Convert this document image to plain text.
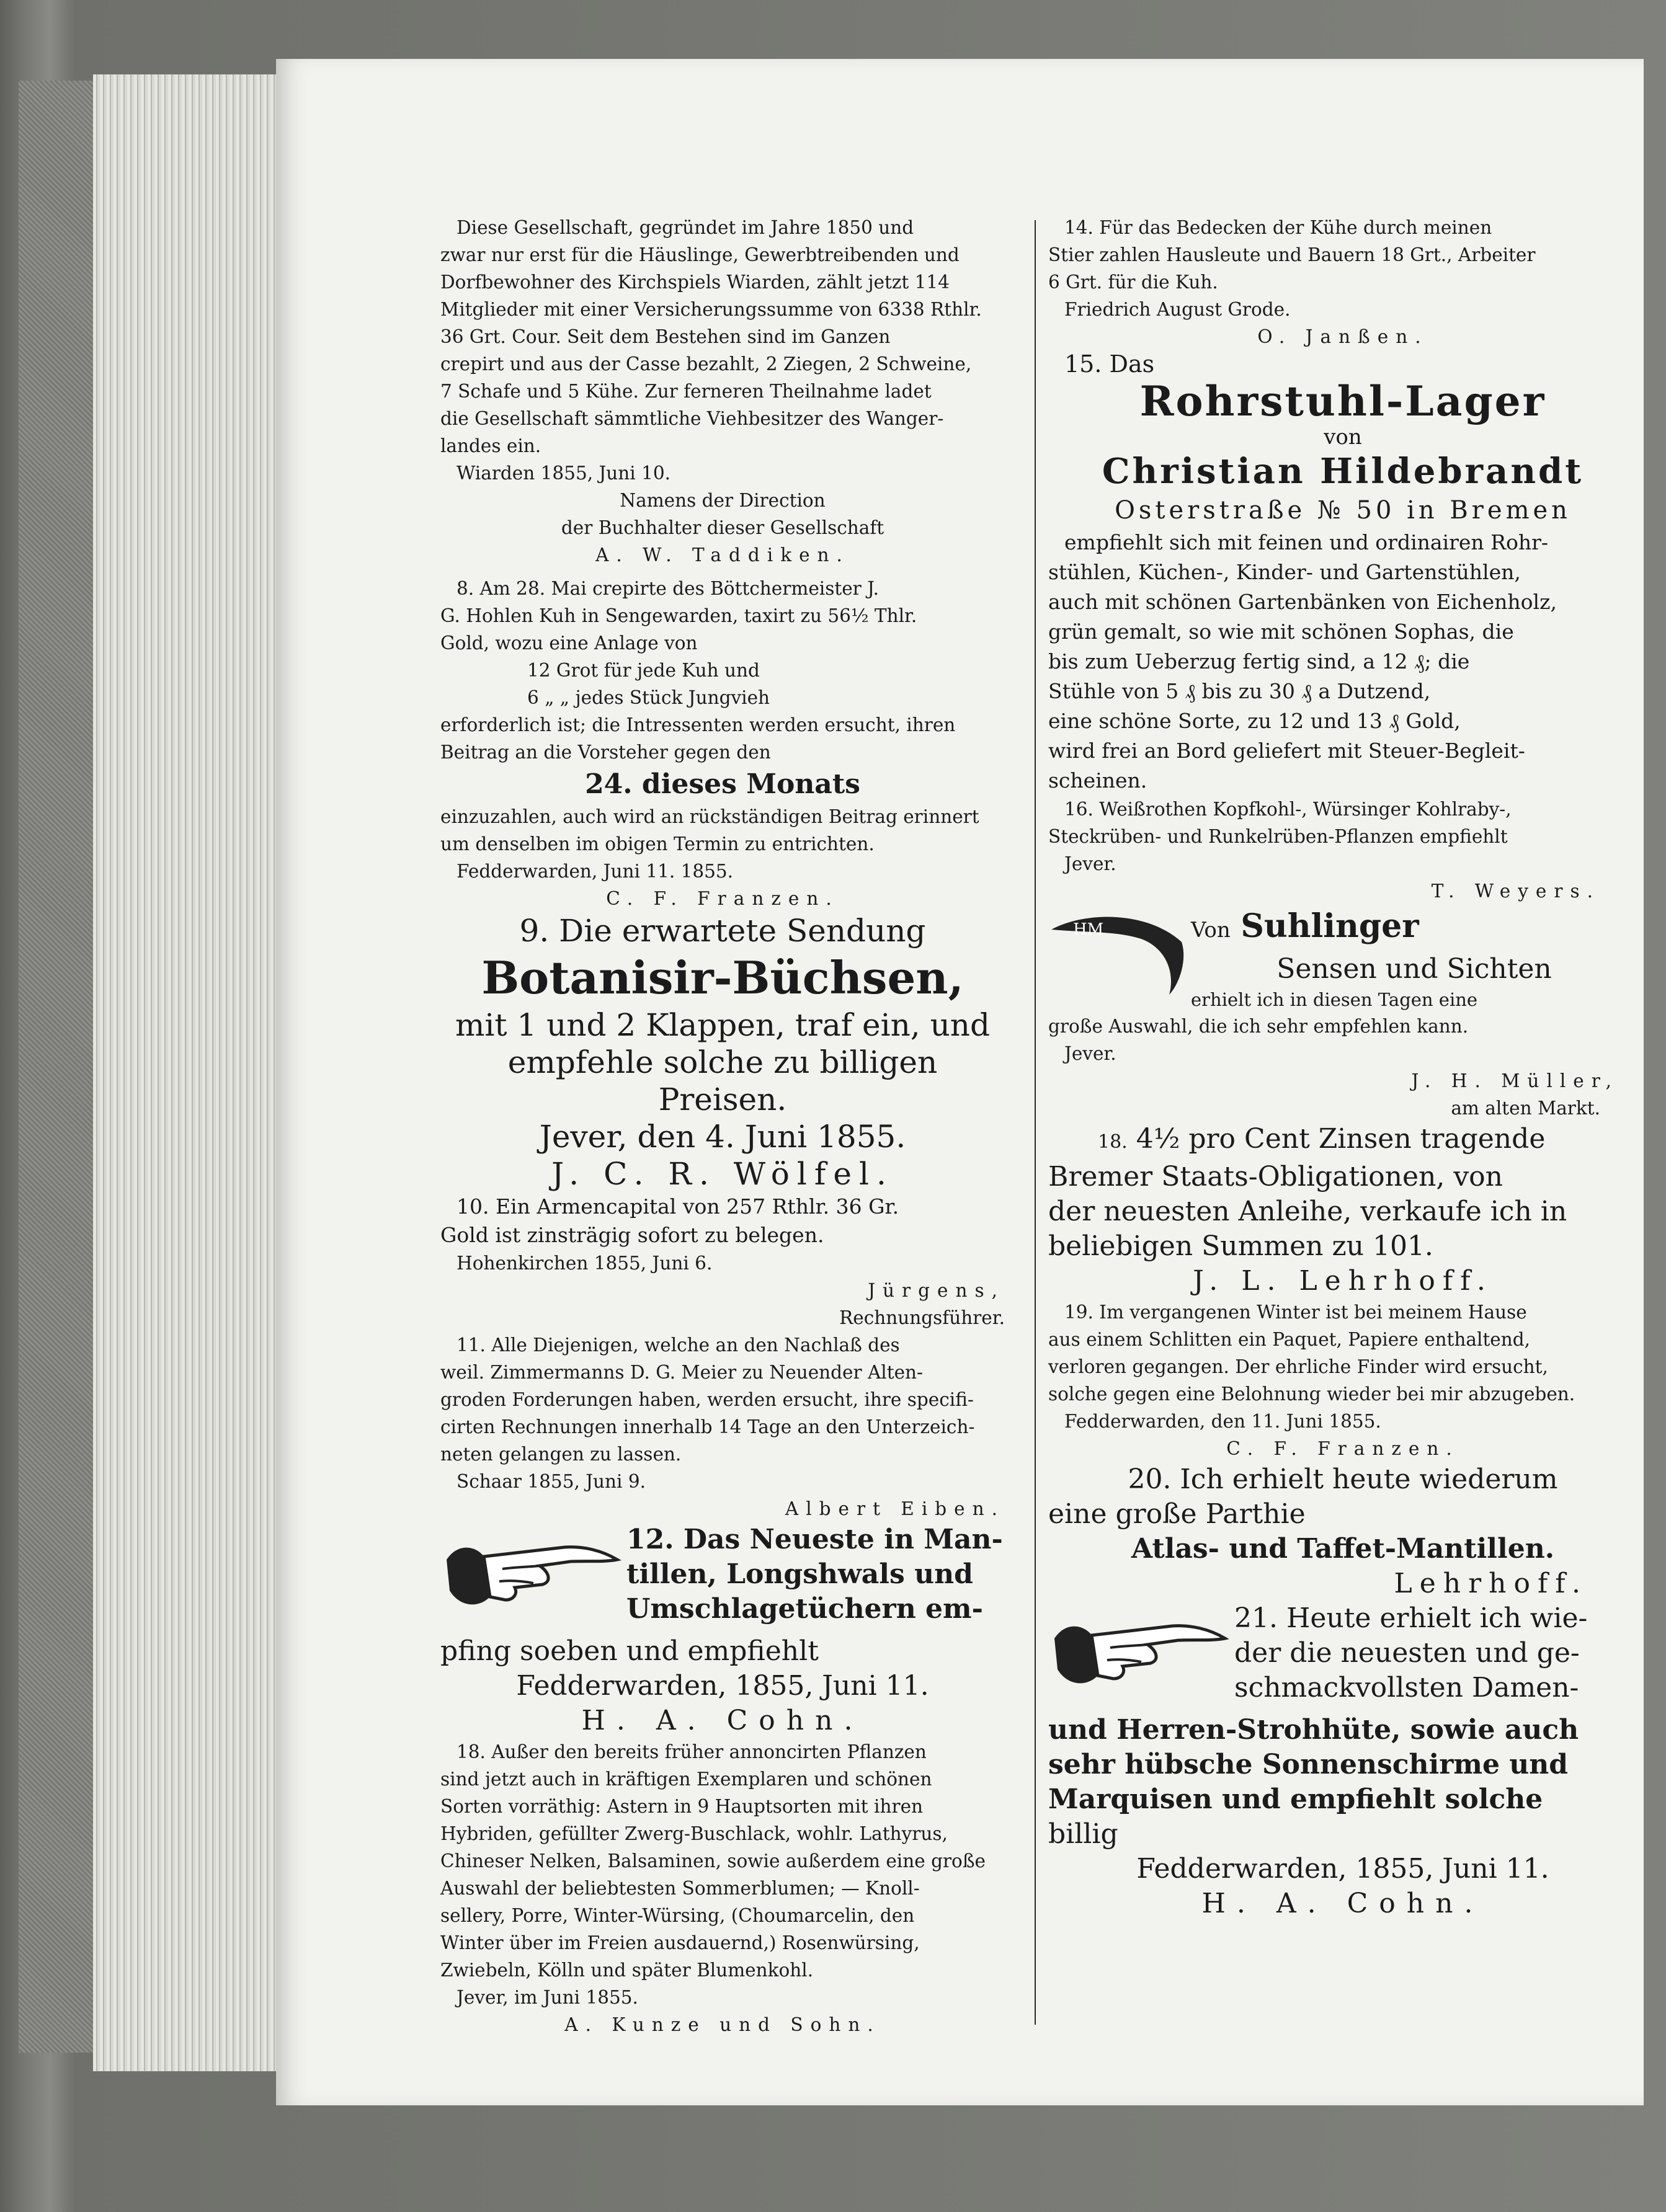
Diese Gesellschaft, gegründet im Jahre 1850 und

zwar nur erst für die Häuslinge, Gewerbtreibenden und

Dorfbewohner des Kirchspiels Wiarden, zählt jetzt 114

Mitglieder mit einer Versicherungssumme von 6338 Rthlr.

36 Grt. Cour. Seit dem Bestehen sind im Ganzen

crepirt und aus der Casse bezahlt, 2 Ziegen, 2 Schweine,

7 Schafe und 5 Kühe. Zur ferneren Theilnahme ladet

die Gesellschaft sämmtliche Viehbesitzer des Wanger-

landes ein.

Wiarden 1855, Juni 10.

Namens der Direction

der Buchhalter dieser Gesellschaft

A. W. Taddiken.

8. Am 28. Mai crepirte des Böttchermeister J.

G. Hohlen Kuh in Sengewarden, taxirt zu 56½ Thlr.

Gold, wozu eine Anlage von

12 Grot für jede Kuh und

6 „ „ jedes Stück Jungvieh

erforderlich ist; die Intressenten werden ersucht, ihren

Beitrag an die Vorsteher gegen den

24. dieses Monats

einzuzahlen, auch wird an rückständigen Beitrag erinnert

um denselben im obigen Termin zu entrichten.

Fedderwarden, Juni 11. 1855.

C. F. Franzen.

9. Die erwartete Sendung

Botanisir-Büchsen,

mit 1 und 2 Klappen, traf ein, und

empfehle solche zu billigen Preisen.

Jever, den 4. Juni 1855.

J. C. R. Wölfel.

10. Ein Armencapital von 257 Rthlr. 36 Gr.

Gold ist zinsträgig sofort zu belegen.

Hohenkirchen 1855, Juni 6.

Jürgens,

Rechnungsführer.

11. Alle Diejenigen, welche an den Nachlaß des

weil. Zimmermanns D. G. Meier zu Neuender Alten-

groden Forderungen haben, werden ersucht, ihre specifi-

cirten Rechnungen innerhalb 14 Tage an den Unterzeich-

neten gelangen zu lassen.

Schaar 1855, Juni 9.

Albert Eiben.

12. Das Neueste in Man-

tillen, Longshwals und

Umschlagetüchern em-

pfing soeben und empfiehlt

Fedderwarden, 1855, Juni 11.

H. A. Cohn.

18. Außer den bereits früher annoncirten Pflanzen

sind jetzt auch in kräftigen Exemplaren und schönen

Sorten vorräthig: Astern in 9 Hauptsorten mit ihren

Hybriden, gefüllter Zwerg-Buschlack, wohlr. Lathyrus,

Chineser Nelken, Balsaminen, sowie außerdem eine große

Auswahl der beliebtesten Sommerblumen; — Knoll-

sellery, Porre, Winter-Würsing, (Choumarcelin, den

Winter über im Freien ausdauernd,) Rosenwürsing,

Zwiebeln, Kölln und später Blumenkohl.

Jever, im Juni 1855.

A. Kunze und Sohn.

14. Für das Bedecken der Kühe durch meinen

Stier zahlen Hausleute und Bauern 18 Grt., Arbeiter

6 Grt. für die Kuh.

Friedrich August Grode.

O. Janßen.

15. Das

Rohrstuhl-Lager

von

Christian Hildebrandt

Osterstraße № 50 in Bremen

empfiehlt sich mit feinen und ordinairen Rohr-

stühlen, Küchen-, Kinder- und Gartenstühlen,

auch mit schönen Gartenbänken von Eichenholz,

grün gemalt, so wie mit schönen Sophas, die

bis zum Ueberzug fertig sind, a 12 ₰; die

Stühle von 5 ₰ bis zu 30 ₰ a Dutzend,

eine schöne Sorte, zu 12 und 13 ₰ Gold,

wird frei an Bord geliefert mit Steuer-Begleit-

scheinen.

16. Weißrothen Kopfkohl-, Würsinger Kohlraby-,

Steckrüben- und Runkelrüben-Pflanzen empfiehlt

Jever.

T. Weyers.

HM	Von Suhlinger

Sensen und Sichten

erhielt ich in diesen Tagen eine

große Auswahl, die ich sehr empfehlen kann.

Jever.

J. H. Müller,

am alten Markt.

18. 4½ pro Cent Zinsen tragende

Bremer Staats-Obligationen, von

der neuesten Anleihe, verkaufe ich in

beliebigen Summen zu 101.

J. L. Lehrhoff.

19. Im vergangenen Winter ist bei meinem Hause

aus einem Schlitten ein Paquet, Papiere enthaltend,

verloren gegangen. Der ehrliche Finder wird ersucht,

solche gegen eine Belohnung wieder bei mir abzugeben.

Fedderwarden, den 11. Juni 1855.

C. F. Franzen.

20. Ich erhielt heute wiederum

eine große Parthie

Atlas- und Taffet-Mantillen.

Lehrhoff.

21. Heute erhielt ich wie-

der die neuesten und ge-

schmackvollsten Damen-

und Herren-Strohhüte, sowie auch

sehr hübsche Sonnenschirme und

Marquisen und empfiehlt solche

billig

Fedderwarden, 1855, Juni 11.

H. A. Cohn.
